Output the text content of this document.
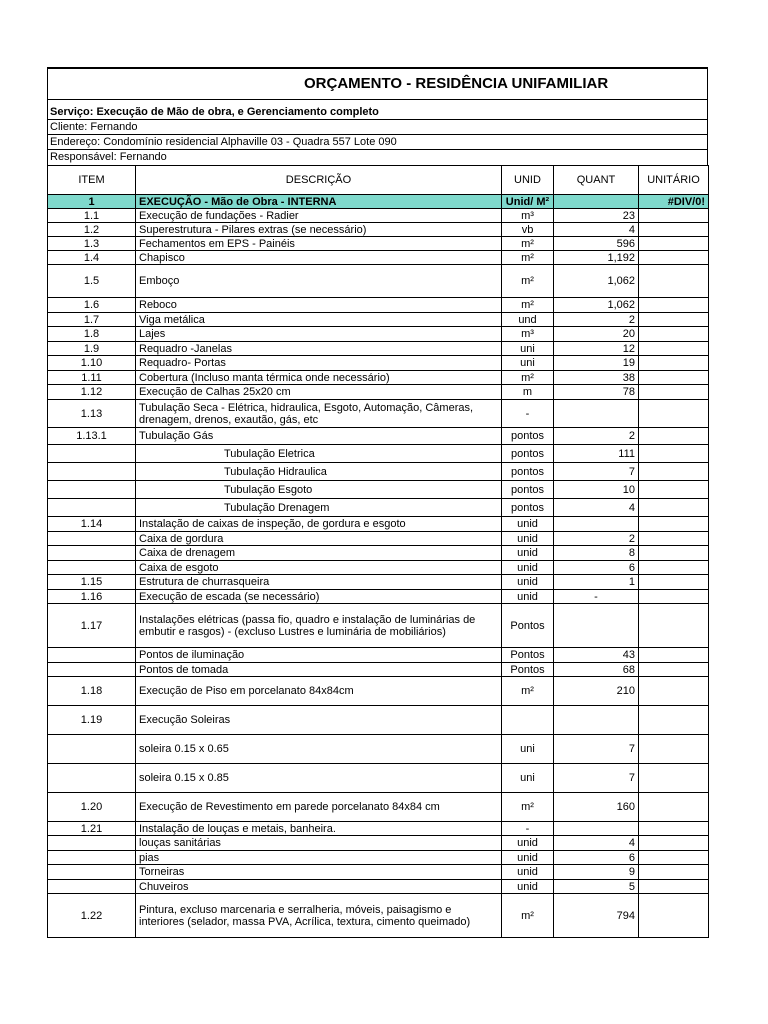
ORÇAMENTO - RESIDÊNCIA UNIFAMILIAR
Serviço: Execução de Mão de obra, e Gerenciamento completo
Cliente: Fernando
Endereço: Condomínio residencial Alphaville 03 - Quadra 557 Lote 090
Responsável: Fernando
ITEM	DESCRIÇÃO	UNID	QUANT	UNITÁRIO
1	EXECUÇÃO - Mão de Obra - INTERNA	Unid/ M²		#DIV/0!
1.1	Execução de fundações - Radier	m³	23	
1.2	Superestrutura - Pilares extras (se necessário)	vb	4	
1.3	Fechamentos em EPS - Painéis	m²	596	
1.4	Chapisco	m²	1,192	
1.5	Emboço	m²	1,062	
1.6	Reboco	m²	1,062	
1.7	Viga metálica	und	2	
1.8	Lajes	m³	20	
1.9	Requadro -Janelas	uni	12	
1.10	Requadro- Portas	uni	19	
1.11	Cobertura (Incluso manta térmica onde necessário)	m²	38	
1.12	Execução de Calhas 25x20 cm	m	78	
1.13	Tubulação Seca - Elétrica, hidraulica, Esgoto, Automação, Câmeras, drenagem, drenos, exautão, gás, etc	-		
1.13.1	Tubulação Gás	pontos	2	
	Tubulação Eletrica	pontos	111	
	Tubulação Hidraulica	pontos	7	
	Tubulação Esgoto	pontos	10	
	Tubulação Drenagem	pontos	4	
1.14	Instalação de caixas de inspeção, de gordura e esgoto	unid		
	Caixa de gordura	unid	2	
	Caixa de drenagem	unid	8	
	Caixa de esgoto	unid	6	
1.15	Estrutura de churrasqueira	unid	1	
1.16	Execução de escada (se necessário)	unid	-	
1.17	Instalações elétricas (passa fio, quadro e instalação de luminárias de embutir e rasgos) - (excluso Lustres e luminária de mobiliários)	Pontos		
	Pontos de iluminação	Pontos	43	
	Pontos de tomada	Pontos	68	
1.18	Execução de Piso em porcelanato 84x84cm	m²	210	
1.19	Execução Soleiras			
	soleira 0.15 x 0.65	uni	7	
	soleira 0.15 x 0.85	uni	7	
1.20	Execução de Revestimento em parede porcelanato 84x84 cm	m²	160	
1.21	Instalação de louças e metais, banheira.	-		
	louças sanitárias	unid	4	
	pias	unid	6	
	Torneiras	unid	9	
	Chuveiros	unid	5	
1.22	Pintura, excluso marcenaria e serralheria, móveis, paisagismo e interiores (selador, massa PVA, Acrílica, textura, cimento queimado)	m²	794	
